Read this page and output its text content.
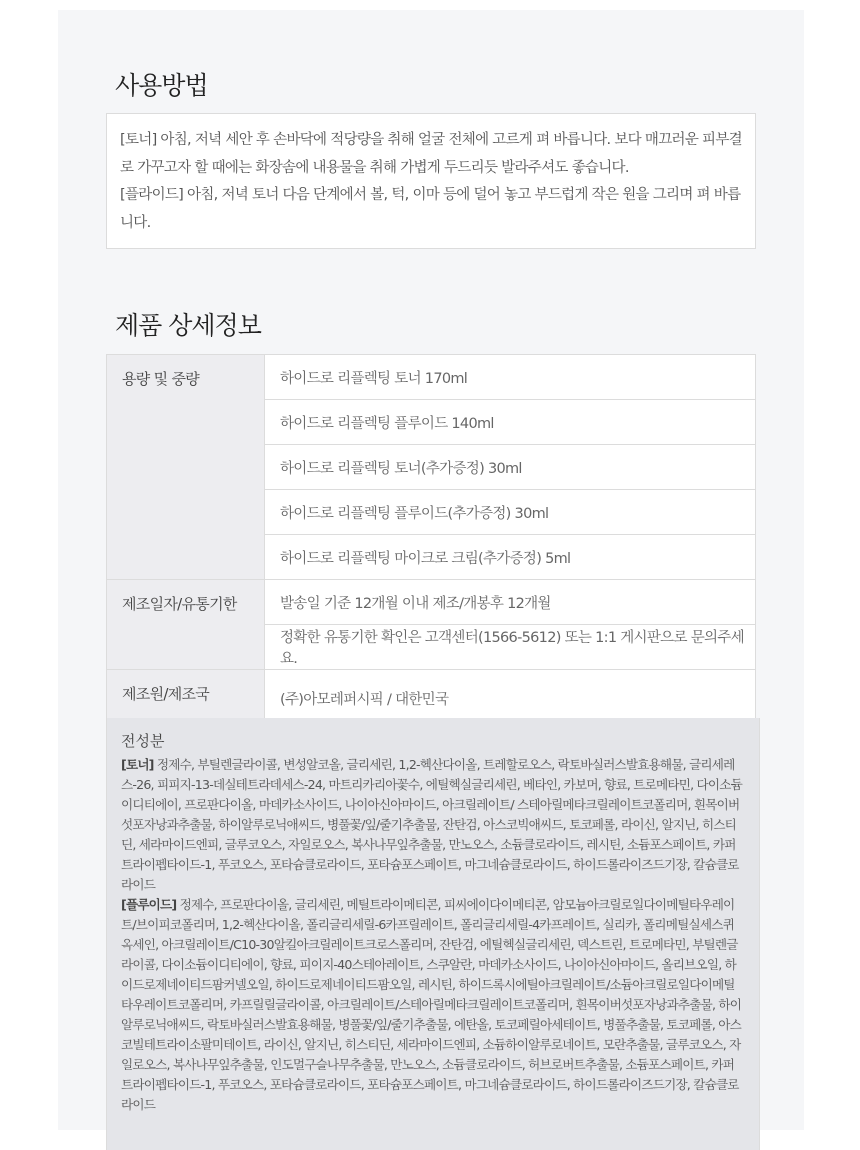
사용방법

[토너] 아침, 저녁 세안 후 손바닥에 적당량을 취해 얼굴 전체에 고르게 펴 바릅니다. 보다 매끄러운 피부결로 가꾸고자 할 때에는 화장솜에 내용물을 취해 가볍게 두드리듯 발라주셔도 좋습니다.

[플라이드] 아침, 저녁 토너 다음 단계에서 볼, 턱, 이마 등에 덜어 놓고 부드럽게 작은 원을 그리며 펴 바릅니다.

제품 상세정보
용량 및 중량	하이드로 리플렉팅 토너 170ml
	하이드로 리플렉팅 플루이드 140ml
	하이드로 리플렉팅 토너(추가증정) 30ml
	하이드로 리플렉팅 플루이드(추가증정) 30ml
	하이드로 리플렉팅 마이크로 크림(추가증정) 5ml
제조일자/유통기한	발송일 기준 12개월 이내 제조/개봉후 12개월
	정확한 유통기한 확인은 고객센터(1566-5612) 또는 1:1 게시판으로 문의주세요.
제조원/제조국	(주)아모레퍼시픽 / 대한민국
전성분

[토너] 정제수, 부틸렌글라이콜, 변성알코올, 글리세린, 1,2-헥산다이올, 트레할로오스, 락토바실러스발효용해물, 글리세레스-26, 피피지-13-데실테트라데세스-24, 마트리카리아꽃수, 에틸헥실글리세린, 베타인, 카보머, 향료, 트로메타민, 다이소듐이디티에이, 프로판다이올, 마데카소사이드, 나이아신아마이드, 아크릴레이트/ 스테아릴메타크릴레이트코폴리머, 흰목이버섯포자낭과추출물, 하이알루로닉애씨드, 병풀꽃/잎/줄기추출물, 잔탄검, 아스코빅애씨드, 토코페롤, 라이신, 알지닌, 히스티딘, 세라마이드엔피, 글루코오스, 자일로오스, 복사나무잎추출물, 만노오스, 소듐클로라이드, 레시틴, 소듐포스페이트, 카퍼트라이펩타이드-1, 푸코오스, 포타슘클로라이드, 포타슘포스페이트, 마그네슘클로라이드, 하이드롤라이즈드기장, 칼슘클로라이드

[플루이드] 정제수, 프로판다이올, 글리세린, 메틸트라이메티콘, 피씨에이다이메티콘, 암모늄아크릴로일다이메틸타우레이트/브이피코폴리머, 1,2-헥산다이올, 폴리글리세릴-6카프릴레이트, 폴리글리세릴-4카프레이트, 실리카, 폴리메틸실세스퀴옥세인, 아크릴레이트/C10-30알킬아크릴레이트크로스폴리머, 잔탄검, 에틸헥실글리세린, 덱스트린, 트로메타민, 부틸렌글라이콜, 다이소듐이디티에이, 향료, 피이지-40스테아레이트, 스쿠알란, 마데카소사이드, 나이아신아마이드, 올리브오일, 하이드로제네이티드팜커넬오일, 하이드로제네이티드팜오일, 레시틴, 하이드록시에틸아크릴레이트/소듐아크릴로일다이메틸타우레이트코폴리머, 카프릴릴글라이콜, 아크릴레이트/스테아릴메타크릴레이트코폴리머, 흰목이버섯포자낭과추출물, 하이알루로닉애씨드, 락토바실러스발효용해물, 병풀꽃/잎/줄기추출물, 에탄올, 토코페릴아세테이트, 병풀추출물, 토코페롤, 아스코빌테트라이소팔미테이트, 라이신, 알지닌, 히스티딘, 세라마이드엔피, 소듐하이알루로네이트, 모란추출물, 글루코오스, 자일로오스, 복사나무잎추출물, 인도멀구슬나무추출물, 만노오스, 소듐클로라이드, 허브로버트추출물, 소듐포스페이트, 카퍼트라이펩타이드-1, 푸코오스, 포타슘클로라이드, 포타슘포스페이트, 마그네슘클로라이드, 하이드롤라이즈드기장, 칼슘클로라이드
